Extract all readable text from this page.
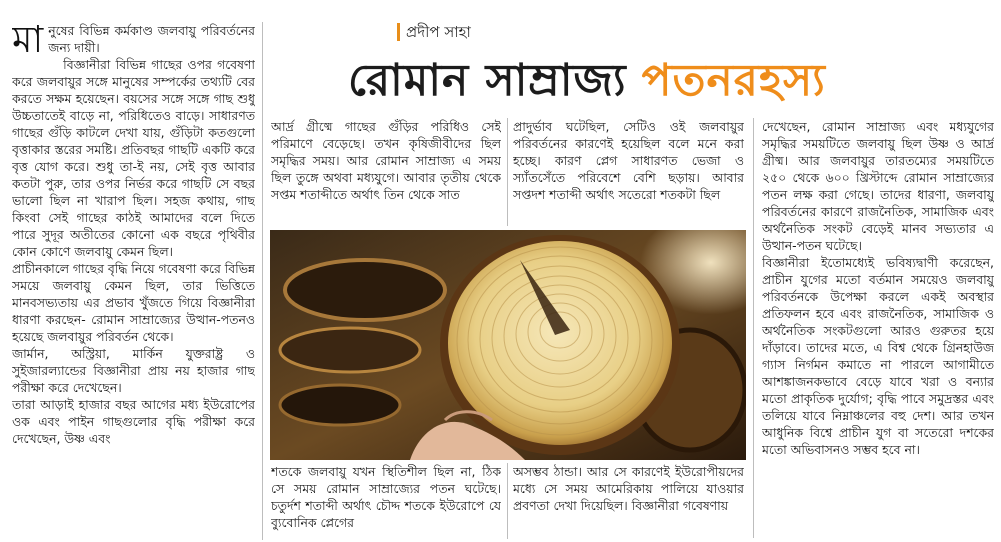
প্রদীপ সাহা
রোমান সাম্রাজ্য পতনরহস্য

মানুষের বিভিন্ন কর্মকাণ্ড জলবায়ু পরিবর্তনের জন্য দায়ী।

বিজ্ঞানীরা বিভিন্ন গাছের ওপর গবেষণা করে জলবায়ুর সঙ্গে মানুষের সম্পর্কের তথ্যটি বের করতে সক্ষম হয়েছেন। বয়সের সঙ্গে সঙ্গে গাছ শুধু উচ্চতাতেই বাড়ে না, পরিধিতেও বাড়ে। সাধারণত গাছের গুঁড়ি কাটলে দেখা যায়, গুঁড়িটা কতগুলো বৃত্তাকার স্তরের সমষ্টি। প্রতিবছর গাছটি একটি করে বৃত্ত যোগ করে। শুধু তা-ই নয়, সেই বৃত্ত আবার কতটা পুরু, তার ওপর নির্ভর করে গাছটি সে বছর ভালো ছিল না খারাপ ছিল। সহজ কথায়, গাছ কিংবা সেই গাছের কাঠই আমাদের বলে দিতে পারে সুদূর অতীতের কোনো এক বছরে পৃথিবীর কোন কোণে জলবায়ু কেমন ছিল।

প্রাচীনকালে গাছের বৃদ্ধি নিয়ে গবেষণা করে বিভিন্ন সময়ে জলবায়ু কেমন ছিল, তার ভিত্তিতে মানবসভ্যতায় এর প্রভাব খুঁজতে গিয়ে বিজ্ঞানীরা ধারণা করছেন- রোমান সাম্রাজ্যের উত্থান-পতনও হয়েছে জলবায়ুর পরিবর্তন থেকে।

জার্মান, অস্ট্রিয়া, মার্কিন যুক্তরাষ্ট্র ও সুইজারল্যান্ডের বিজ্ঞানীরা প্রায় নয় হাজার গাছ পরীক্ষা করে দেখেছেন।

তারা আড়াই হাজার বছর আগের মধ্য ইউরোপের ওক এবং পাইন গাছগুলোর বৃদ্ধি পরীক্ষা করে দেখেছেন, উষ্ণ এবং

আর্দ্র গ্রীষ্মে গাছের গুঁড়ির পরিধিও সেই পরিমাণে বেড়েছে। তখন কৃষিজীবীদের ছিল সমৃদ্ধির সময়। আর রোমান সাম্রাজ্য এ সময় ছিল তুঙ্গে অথবা মধ্যযুগে। আবার তৃতীয় থেকে সপ্তম শতাব্দীতে অর্থাৎ তিন থেকে সাত

প্রাদুর্ভাব ঘটেছিল, সেটিও ওই জলবায়ুর পরিবর্তনের কারণেই হয়েছিল বলে মনে করা হচ্ছে। কারণ প্লেগ সাধারণত ভেজা ও স্যাঁতসেঁতে পরিবেশে বেশি ছড়ায়। আবার সপ্তদশ শতাব্দী অর্থাৎ সতেরো শতকটা ছিল

দেখেছেন, রোমান সাম্রাজ্য এবং মধ্যযুগের সমৃদ্ধির সময়টিতে জলবায়ু ছিল উষ্ণ ও আর্দ্র গ্রীষ্ম। আর জলবায়ুর তারতম্যের সময়টিতে ২৫০ থেকে ৬০০ খ্রিস্টাব্দে রোমান সাম্রাজ্যের পতন লক্ষ করা গেছে। তাদের ধারণা, জলবায়ু পরিবর্তনের কারণে রাজনৈতিক, সামাজিক এবং অর্থনৈতিক সংকট বেড়েই মানব সভ্যতার এ উত্থান-পতন ঘটেছে।

বিজ্ঞানীরা ইতোমধ্যেই ভবিষ্যদ্বাণী করেছেন, প্রাচীন যুগের মতো বর্তমান সময়েও জলবায়ু পরিবর্তনকে উপেক্ষা করলে একই অবস্থার প্রতিফলন হবে এবং রাজনৈতিক, সামাজিক ও অর্থনৈতিক সংকটগুলো আরও গুরুতর হয়ে দাঁড়াবে। তাদের মতে, এ বিশ্ব থেকে গ্রিনহাউজ গ্যাস নির্গমন কমাতে না পারলে আগামীতে আশঙ্কাজনকভাবে বেড়ে যাবে খরা ও বন্যার মতো প্রাকৃতিক দুর্যোগ; বৃদ্ধি পাবে সমুদ্রস্তর এবং তলিয়ে যাবে নিম্নাঞ্চলের বহু দেশ। আর তখন আধুনিক বিশ্বে প্রাচীন যুগ বা সতেরো দশকের মতো অভিবাসনও সম্ভব হবে না।

শতকে জলবায়ু যখন স্থিতিশীল ছিল না, ঠিক সে সময় রোমান সাম্রাজ্যের পতন ঘটেছে। চতুর্দশ শতাব্দী অর্থাৎ চৌদ্দ শতকে ইউরোপে যে ব্যুবোনিক প্লেগের

অসম্ভব ঠান্ডা। আর সে কারণেই ইউরোপীয়দের মধ্যে সে সময় আমেরিকায় পালিয়ে যাওয়ার প্রবণতা দেখা দিয়েছিল। বিজ্ঞানীরা গবেষণায়
